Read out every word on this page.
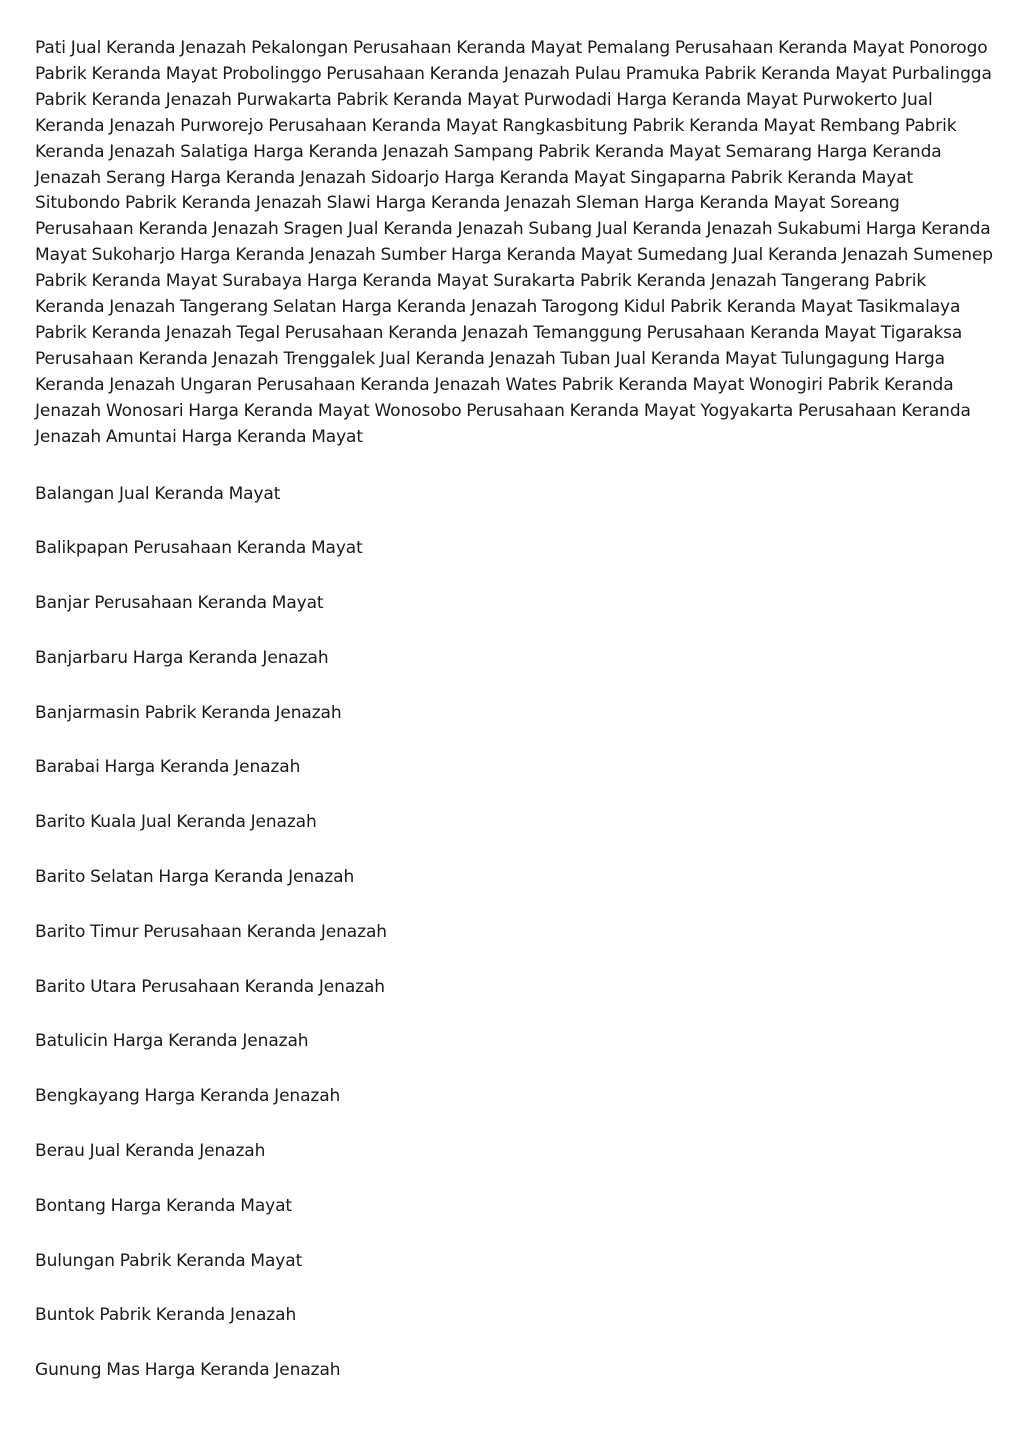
Pati Jual Keranda Jenazah Pekalongan Perusahaan Keranda Mayat Pemalang Perusahaan Keranda Mayat Ponorogo Pabrik Keranda Mayat Probolinggo Perusahaan Keranda Jenazah Pulau Pramuka Pabrik Keranda Mayat Purbalingga Pabrik Keranda Jenazah Purwakarta Pabrik Keranda Mayat Purwodadi Harga Keranda Mayat Purwokerto Jual Keranda Jenazah Purworejo Perusahaan Keranda Mayat Rangkasbitung Pabrik Keranda Mayat Rembang Pabrik Keranda Jenazah Salatiga Harga Keranda Jenazah Sampang Pabrik Keranda Mayat Semarang Harga Keranda Jenazah Serang Harga Keranda Jenazah Sidoarjo Harga Keranda Mayat Singaparna Pabrik Keranda Mayat Situbondo Pabrik Keranda Jenazah Slawi Harga Keranda Jenazah Sleman Harga Keranda Mayat Soreang Perusahaan Keranda Jenazah Sragen Jual Keranda Jenazah Subang Jual Keranda Jenazah Sukabumi Harga Keranda Mayat Sukoharjo Harga Keranda Jenazah Sumber Harga Keranda Mayat Sumedang Jual Keranda Jenazah Sumenep Pabrik Keranda Mayat Surabaya Harga Keranda Mayat Surakarta Pabrik Keranda Jenazah Tangerang Pabrik Keranda Jenazah Tangerang Selatan Harga Keranda Jenazah Tarogong Kidul Pabrik Keranda Mayat Tasikmalaya Pabrik Keranda Jenazah Tegal Perusahaan Keranda Jenazah Temanggung Perusahaan Keranda Mayat Tigaraksa Perusahaan Keranda Jenazah Trenggalek Jual Keranda Jenazah Tuban Jual Keranda Mayat Tulungagung Harga Keranda Jenazah Ungaran Perusahaan Keranda Jenazah Wates Pabrik Keranda Mayat Wonogiri Pabrik Keranda Jenazah Wonosari Harga Keranda Mayat Wonosobo Perusahaan Keranda Mayat Yogyakarta Perusahaan Keranda Jenazah Amuntai Harga Keranda Mayat

Balangan Jual Keranda Mayat
Balikpapan Perusahaan Keranda Mayat
Banjar Perusahaan Keranda Mayat
Banjarbaru Harga Keranda Jenazah
Banjarmasin Pabrik Keranda Jenazah
Barabai Harga Keranda Jenazah
Barito Kuala Jual Keranda Jenazah
Barito Selatan Harga Keranda Jenazah
Barito Timur Perusahaan Keranda Jenazah
Barito Utara Perusahaan Keranda Jenazah
Batulicin Harga Keranda Jenazah
Bengkayang Harga Keranda Jenazah
Berau Jual Keranda Jenazah
Bontang Harga Keranda Mayat
Bulungan Pabrik Keranda Mayat
Buntok Pabrik Keranda Jenazah
Gunung Mas Harga Keranda Jenazah
